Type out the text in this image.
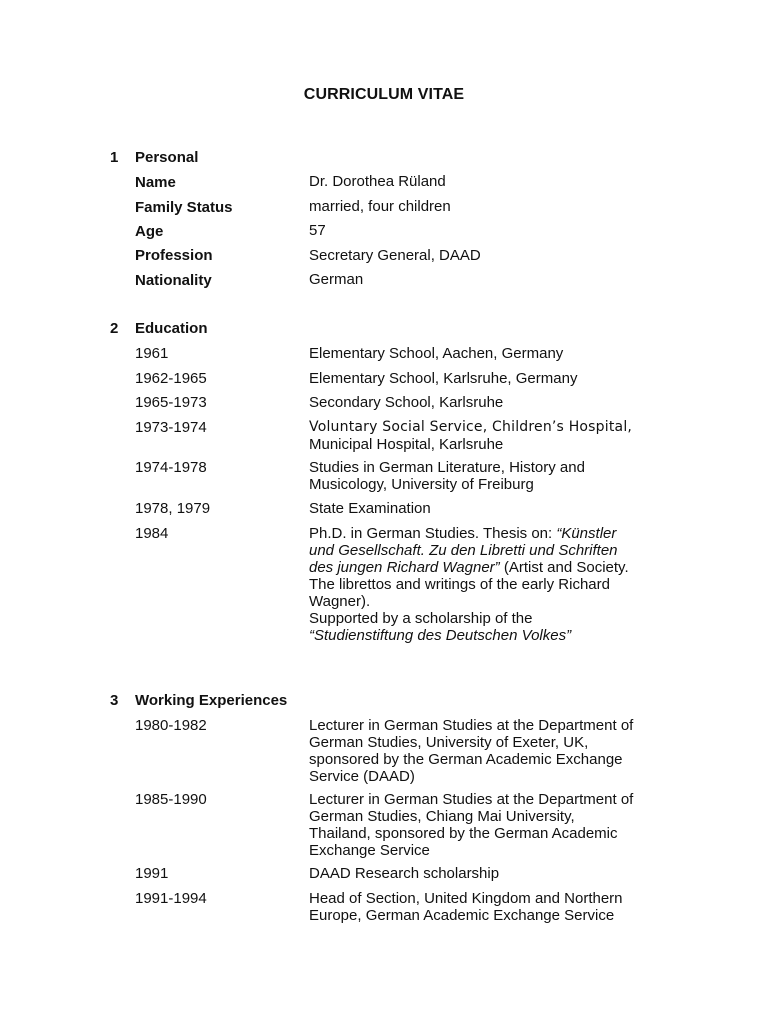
CURRICULUM VITAE
1 Personal
Name	Dr. Dorothea Rüland
Family Status	married, four children
Age	57
Profession	Secretary General, DAAD
Nationality	German
2 Education
1961	Elementary School, Aachen, Germany
1962-1965	Elementary School, Karlsruhe, Germany
1965-1973	Secondary School, Karlsruhe
1973-1974	Voluntary Social Service, Children’s Hospital,
Municipal Hospital, Karlsruhe
1974-1978	Studies in German Literature, History and
Musicology, University of Freiburg
1978, 1979	State Examination
1984	Ph.D. in German Studies. Thesis on: “Künstler
und Gesellschaft. Zu den Libretti und Schriften
des jungen Richard Wagner” (Artist and Society.
The librettos and writings of the early Richard
Wagner).
Supported by a scholarship of the
“Studienstiftung des Deutschen Volkes”
3 Working Experiences
1980-1982	Lecturer in German Studies at the Department of
German Studies, University of Exeter, UK,
sponsored by the German Academic Exchange
Service (DAAD)
1985-1990	Lecturer in German Studies at the Department of
German Studies, Chiang Mai University,
Thailand, sponsored by the German Academic
Exchange Service
1991	DAAD Research scholarship
1991-1994	Head of Section, United Kingdom and Northern
Europe, German Academic Exchange Service
